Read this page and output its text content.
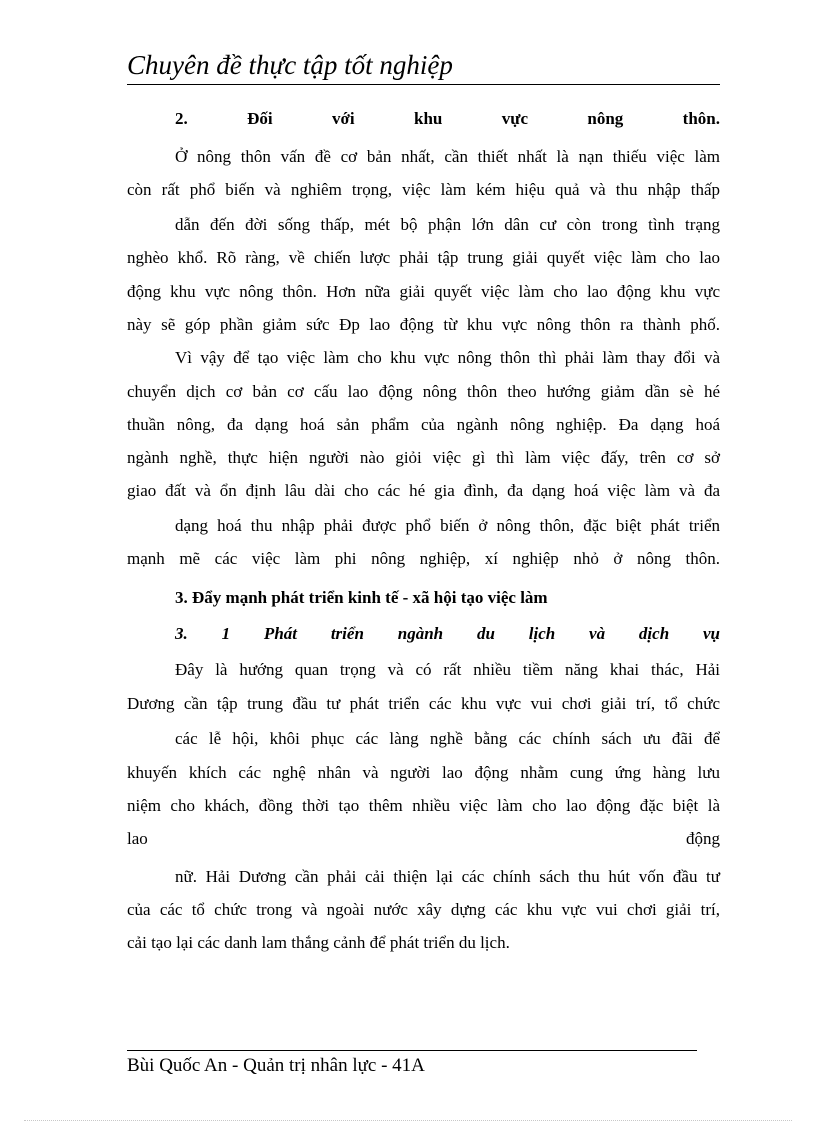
Chuyên đề thực tập tốt nghiệp
2. Đối với khu vực nông thôn.
Ở nông thôn vấn đề cơ bản nhất, cần thiết nhất là nạn thiếu việc làm
còn rất phổ biến và nghiêm trọng, việc làm kém hiệu quả và thu nhập thấp
dẫn đến đời sống thấp, mét bộ phận lớn dân cư còn trong tình trạng
nghèo khổ. Rõ ràng, về chiến lược phải tập trung giải quyết việc làm cho lao
động khu vực nông thôn. Hơn nữa giải quyết việc làm cho lao động khu vực
này sẽ góp phần giảm sức Đp lao động từ khu vực nông thôn ra thành phố.
Vì vậy để tạo việc làm cho khu vực nông thôn thì phải làm thay đổi và
chuyển dịch cơ bản cơ cấu lao động nông thôn theo hướng giảm dần sè hé
thuần nông, đa dạng hoá sản phẩm của ngành nông nghiệp. Đa dạng hoá
ngành nghề, thực hiện người nào giỏi việc gì thì làm việc đấy, trên cơ sở
giao đất và ổn định lâu dài cho các hé gia đình, đa dạng hoá việc làm và đa
dạng hoá thu nhập phải được phổ biến ở nông thôn, đặc biệt phát triển
mạnh mẽ các việc làm phi nông nghiệp, xí nghiệp nhỏ ở nông thôn.
3. Đẩy mạnh phát triển kinh tế - xã hội tạo việc làm
3. 1 Phát triển ngành du lịch và dịch vụ
Đây là hướng quan trọng và có rất nhiều tiềm năng khai thác, Hải
Dương cần tập trung đầu tư phát triển các khu vực vui chơi giải trí, tổ chức
các lễ hội, khôi phục các làng nghề bằng các chính sách ưu đãi để
khuyến khích các nghệ nhân và người lao động nhằm cung ứng hàng lưu
niệm cho khách, đồng thời tạo thêm nhiều việc làm cho lao động đặc biệt là
lao động
nữ. Hải Dương cần phải cải thiện lại các chính sách thu hút vốn đầu tư
của các tổ chức trong và ngoài nước xây dựng các khu vực vui chơi giải trí,
cải tạo lại các danh lam thắng cảnh để phát triển du lịch.
Bùi Quốc An - Quản trị nhân lực - 41A
